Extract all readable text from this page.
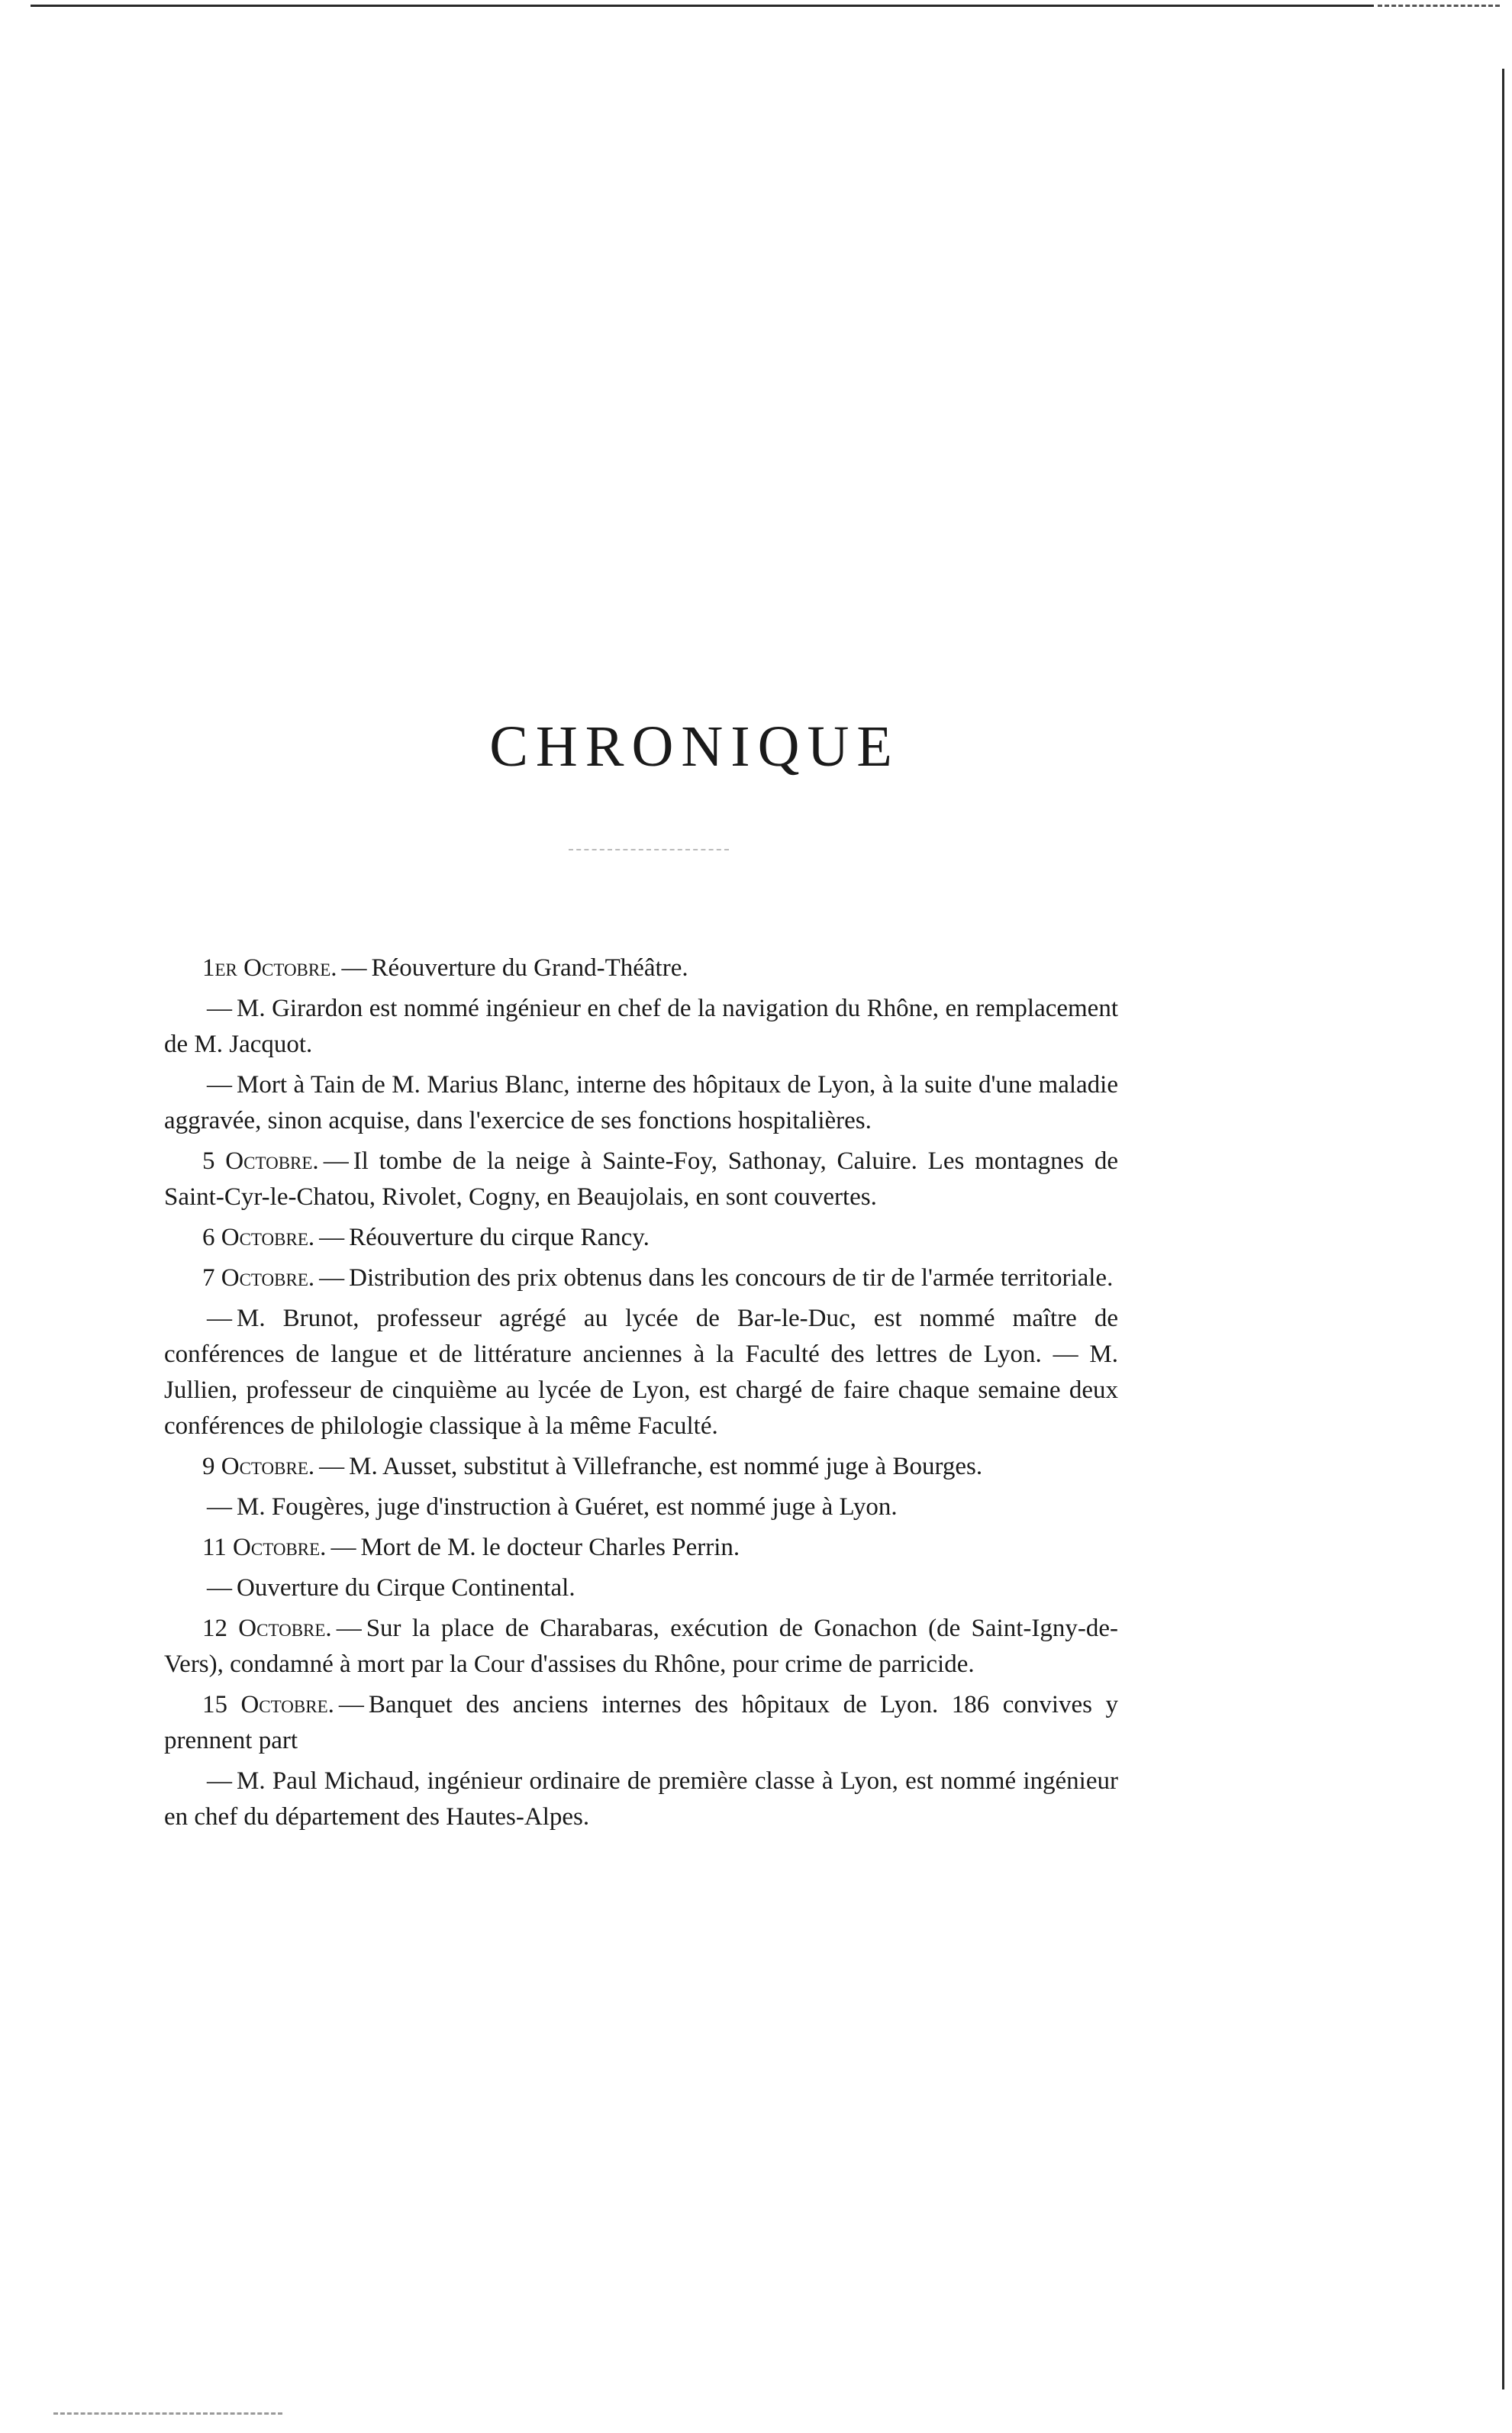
CHRONIQUE

1er Octobre. — Réouverture du Grand-Théâtre.

— M. Girardon est nommé ingénieur en chef de la navigation du Rhône, en remplacement de M. Jacquot.

— Mort à Tain de M. Marius Blanc, interne des hôpitaux de Lyon, à la suite d'une maladie aggravée, sinon acquise, dans l'exercice de ses fonctions hospitalières.

5 Octobre. — Il tombe de la neige à Sainte-Foy, Sathonay, Caluire. Les montagnes de Saint-Cyr-le-Chatou, Rivolet, Cogny, en Beaujolais, en sont couvertes.

6 Octobre. — Réouverture du cirque Rancy.

7 Octobre. — Distribution des prix obtenus dans les concours de tir de l'armée territoriale.

— M. Brunot, professeur agrégé au lycée de Bar-le-Duc, est nommé maître de conférences de langue et de littérature anciennes à la Faculté des lettres de Lyon. — M. Jullien, professeur de cinquième au lycée de Lyon, est chargé de faire chaque semaine deux conférences de philologie classique à la même Faculté.

9 Octobre. — M. Ausset, substitut à Villefranche, est nommé juge à Bourges.

— M. Fougères, juge d'instruction à Guéret, est nommé juge à Lyon.

11 Octobre. — Mort de M. le docteur Charles Perrin.

— Ouverture du Cirque Continental.

12 Octobre. — Sur la place de Charabaras, exécution de Gonachon (de Saint-Igny-de-Vers), condamné à mort par la Cour d'assises du Rhône, pour crime de parricide.

15 Octobre. — Banquet des anciens internes des hôpitaux de Lyon. 186 convives y prennent part

— M. Paul Michaud, ingénieur ordinaire de première classe à Lyon, est nommé ingénieur en chef du département des Hautes-Alpes.
